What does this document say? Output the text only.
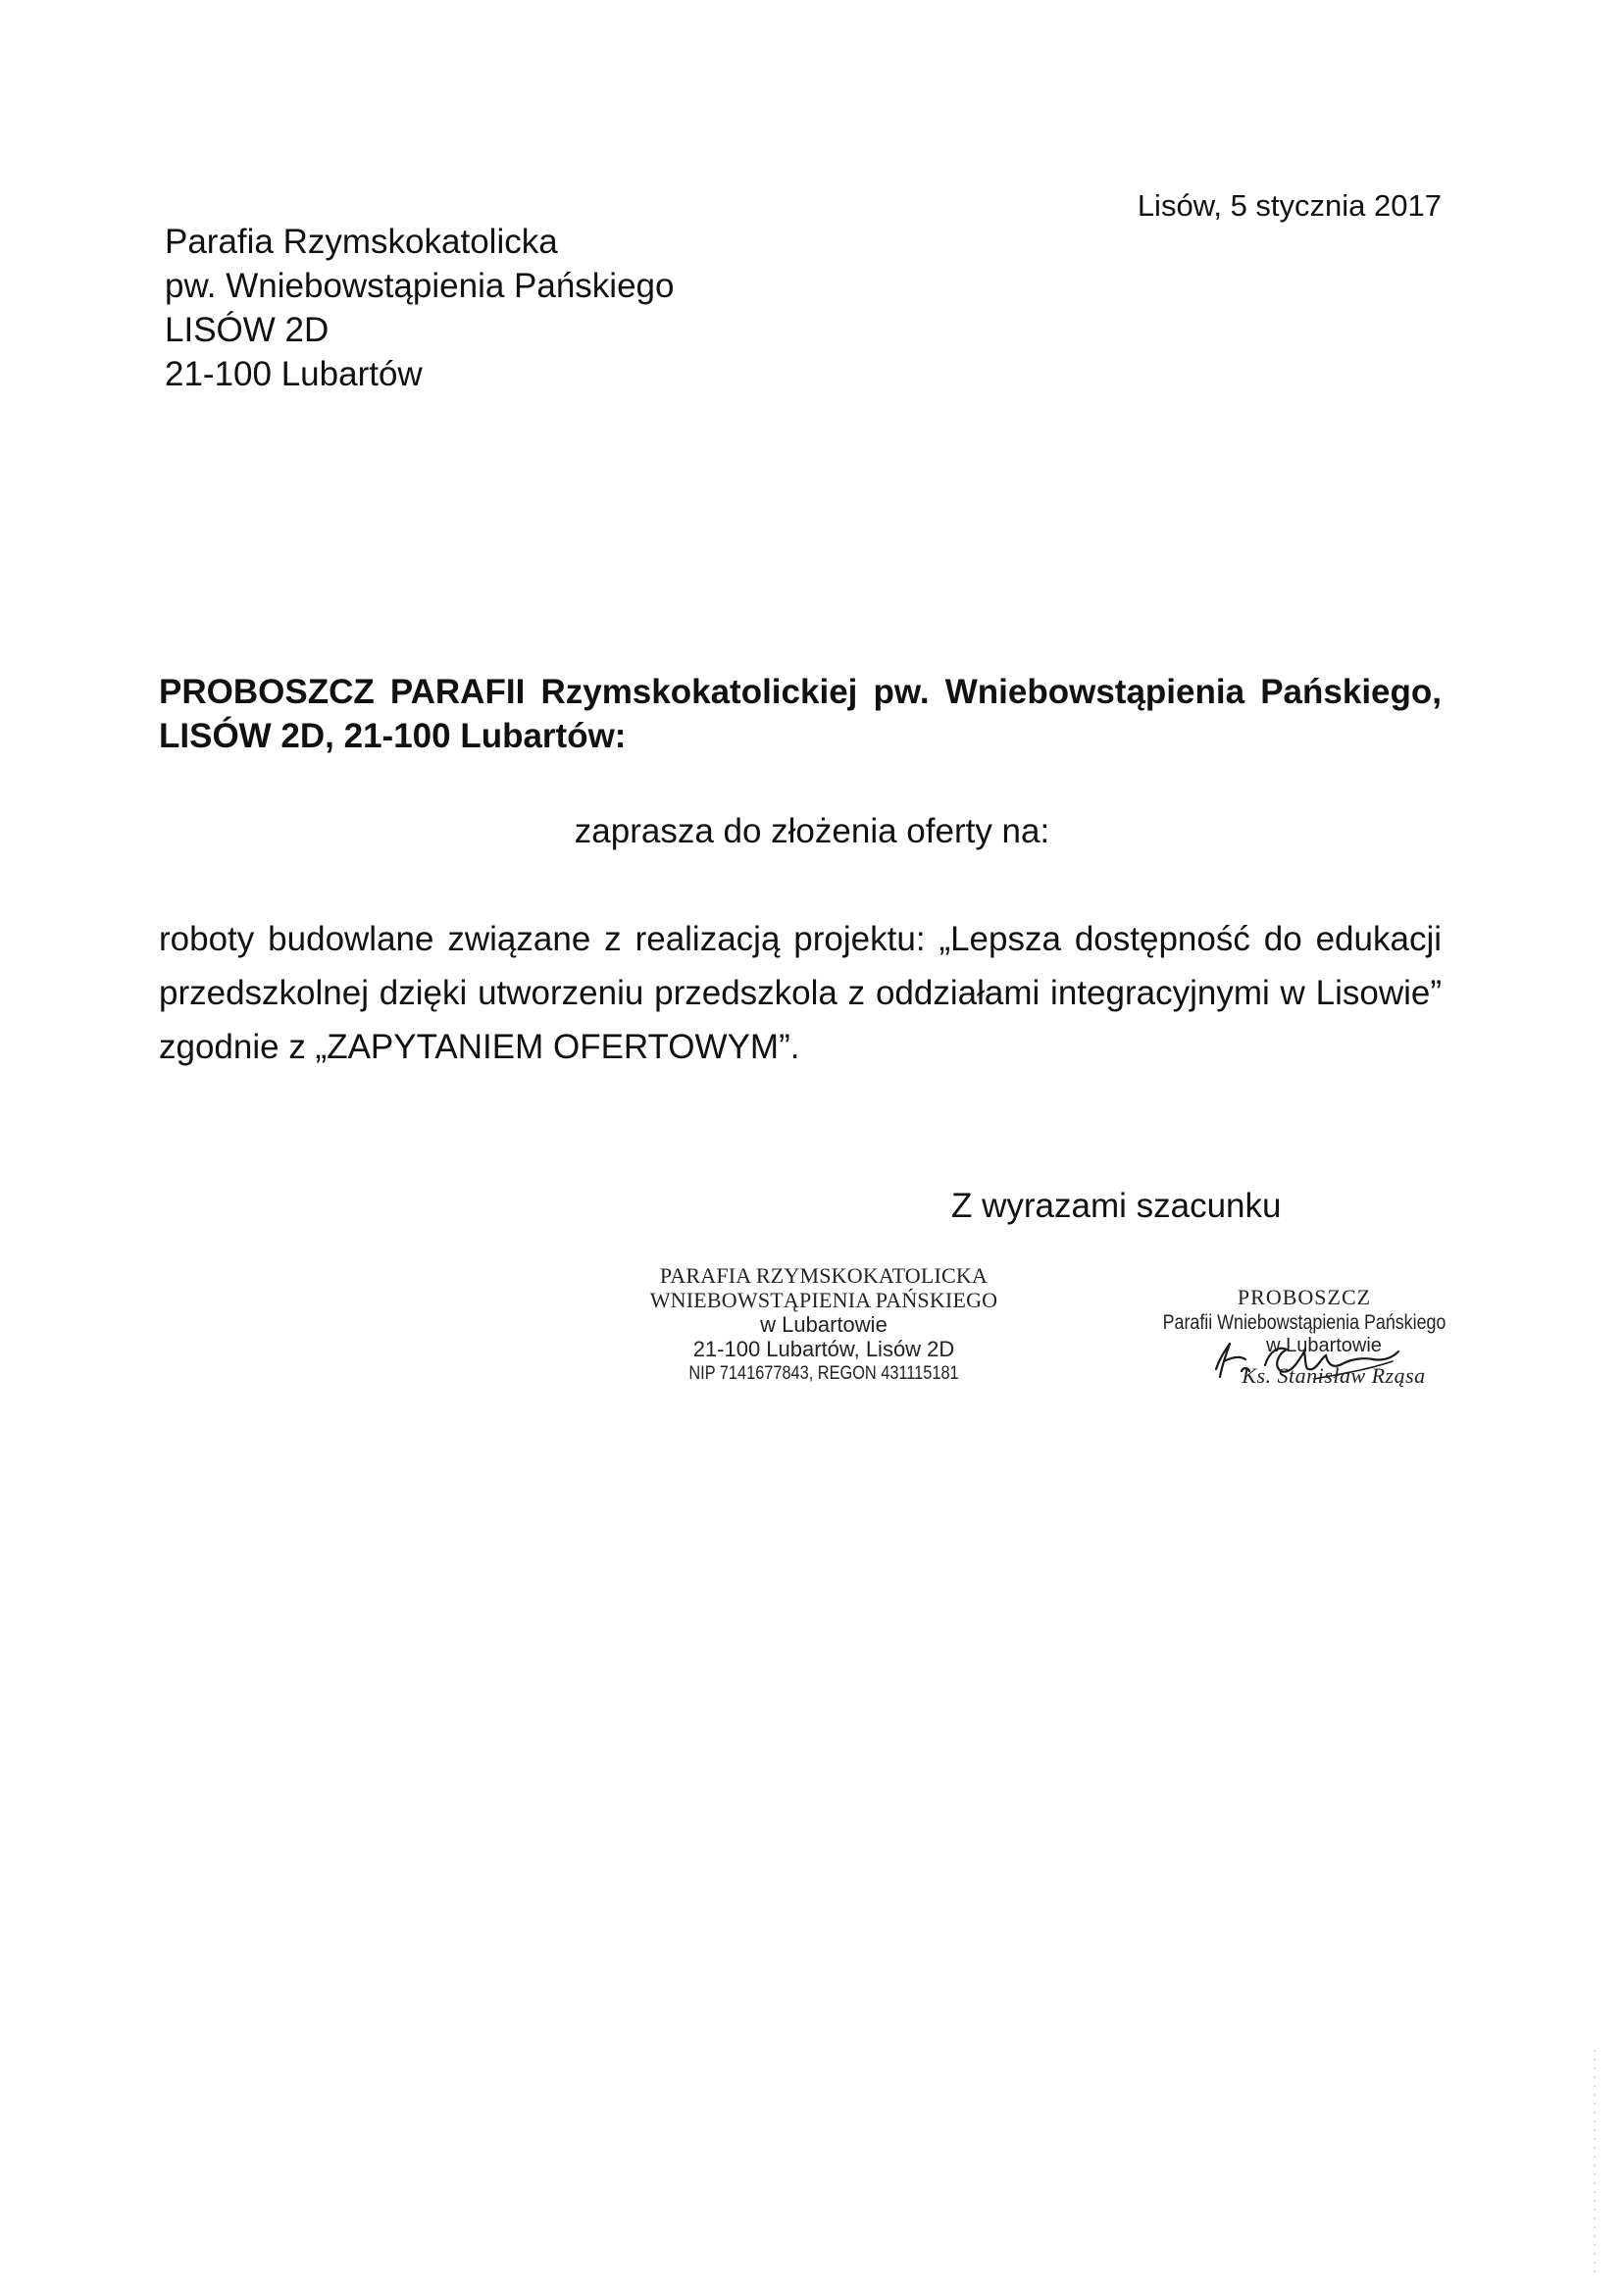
Lisów, 5 stycznia 2017
Parafia Rzymskokatolicka
pw. Wniebowstąpienia Pańskiego
LISÓW 2D
21-100 Lubartów
PROBOSZCZ PARAFII Rzymskokatolickiej pw. Wniebowstąpienia Pańskiego, LISÓW 2D, 21-100 Lubartów:
zaprasza do złożenia oferty na:
roboty budowlane związane z realizacją projektu: „Lepsza dostępność do edukacji przedszkolnej dzięki utworzeniu przedszkola z oddziałami integracyjnymi w Lisowie” zgodnie z „ZAPYTANIEM OFERTOWYM”.
Z wyrazami szacunku
PARAFIA RZYMSKOKATOLICKA
WNIEBOWSTĄPIENIA PAŃSKIEGO
w Lubartowie
21-100 Lubartów, Lisów 2D
NIP 7141677843, REGON 431115181
PROBOSZCZ
Parafii Wniebowstąpienia Pańskiego
w Lubartowie
Ks. Stanisław Rząsa
